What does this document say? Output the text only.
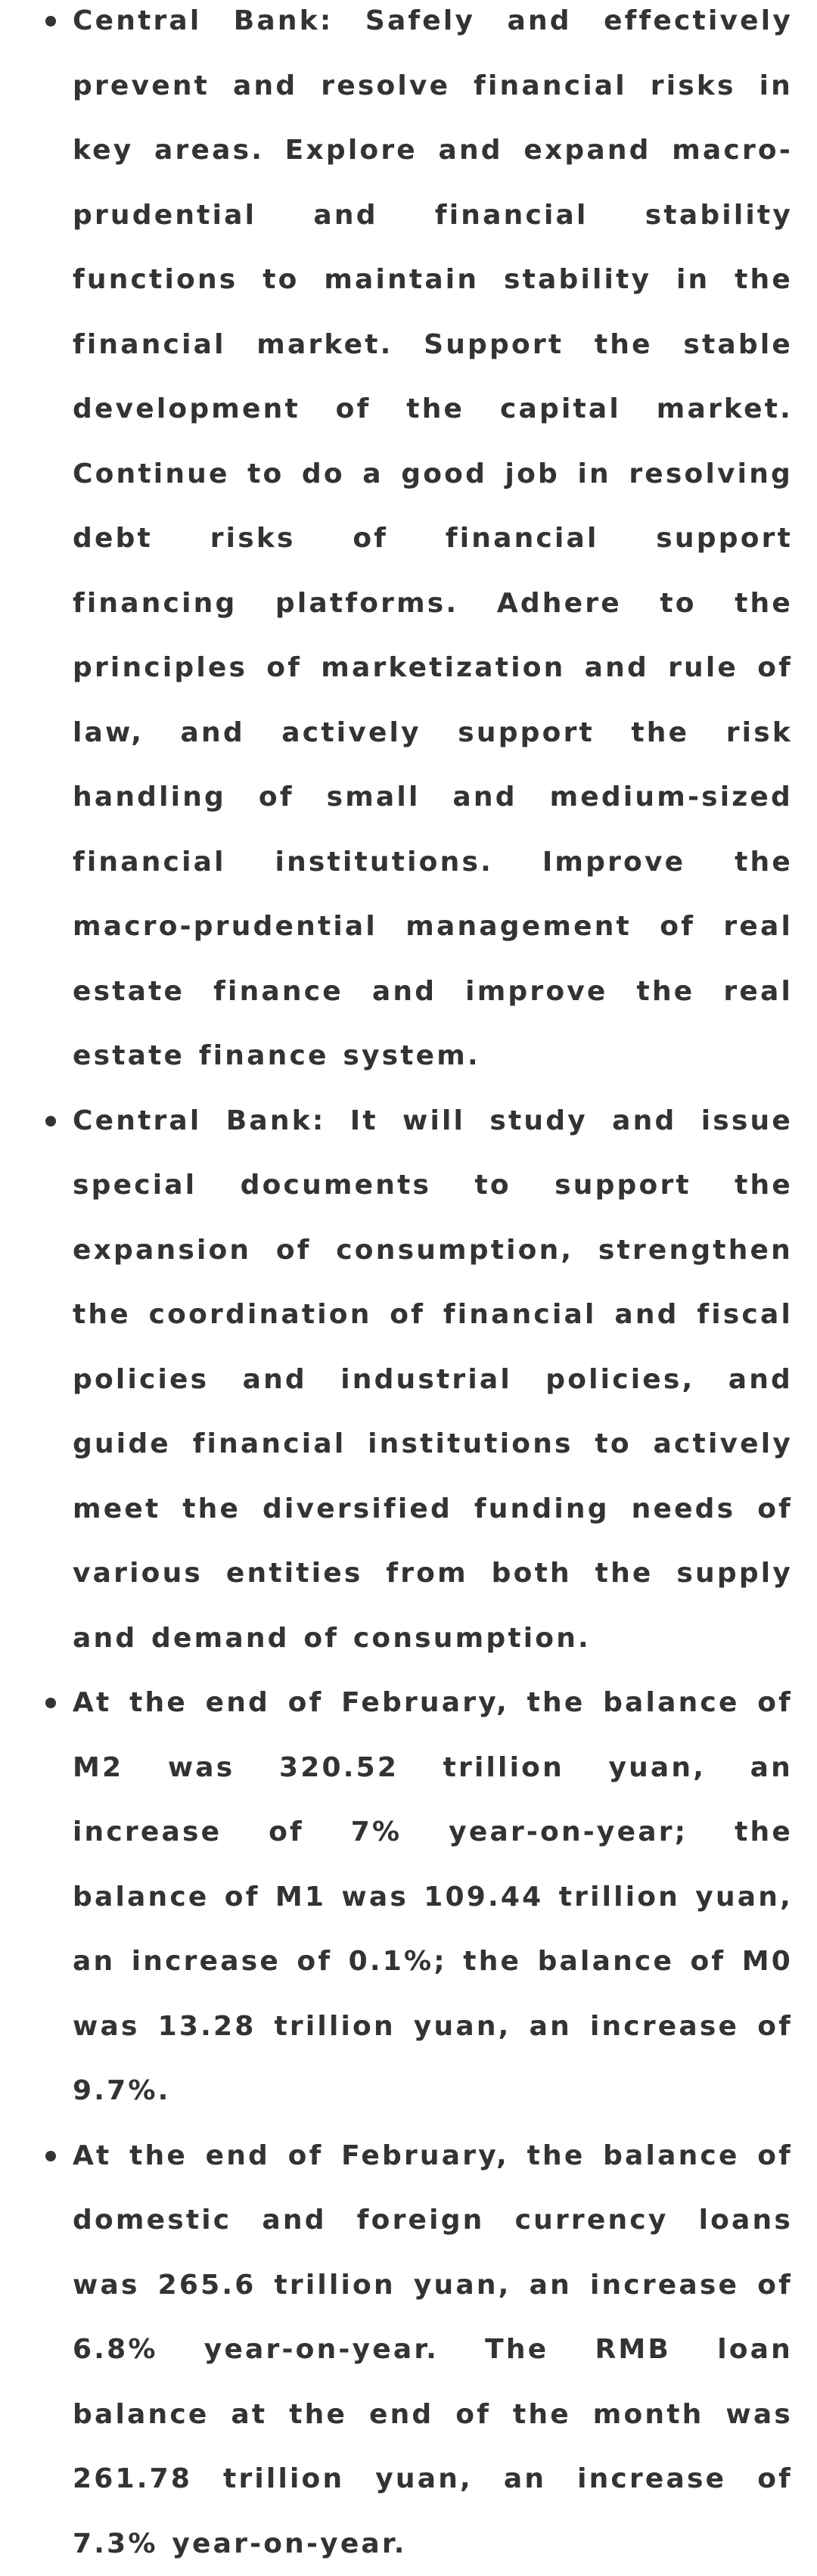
Central Bank: Safely and effectively prevent and resolve financial risks in key areas. Explore and expand macro-prudential and financial stability functions to maintain stability in the financial market. Support the stable development of the capital market. Continue to do a good job in resolving debt risks of financial support financing platforms. Adhere to the principles of marketization and rule of law, and actively support the risk handling of small and medium-sized financial institutions. Improve the macro-prudential management of real estate finance and improve the real estate finance system.
Central Bank: It will study and issue special documents to support the expansion of consumption, strengthen the coordination of financial and fiscal policies and industrial policies, and guide financial institutions to actively meet the diversified funding needs of various entities from both the supply and demand of consumption.
At the end of February, the balance of M2 was 320.52 trillion yuan, an increase of 7% year-on-year; the balance of M1 was 109.44 trillion yuan, an increase of 0.1%; the balance of M0 was 13.28 trillion yuan, an increase of 9.7%.
At the end of February, the balance of domestic and foreign currency loans was 265.6 trillion yuan, an increase of 6.8% year-on-year. The RMB loan balance at the end of the month was 261.78 trillion yuan, an increase of 7.3% year-on-year.
